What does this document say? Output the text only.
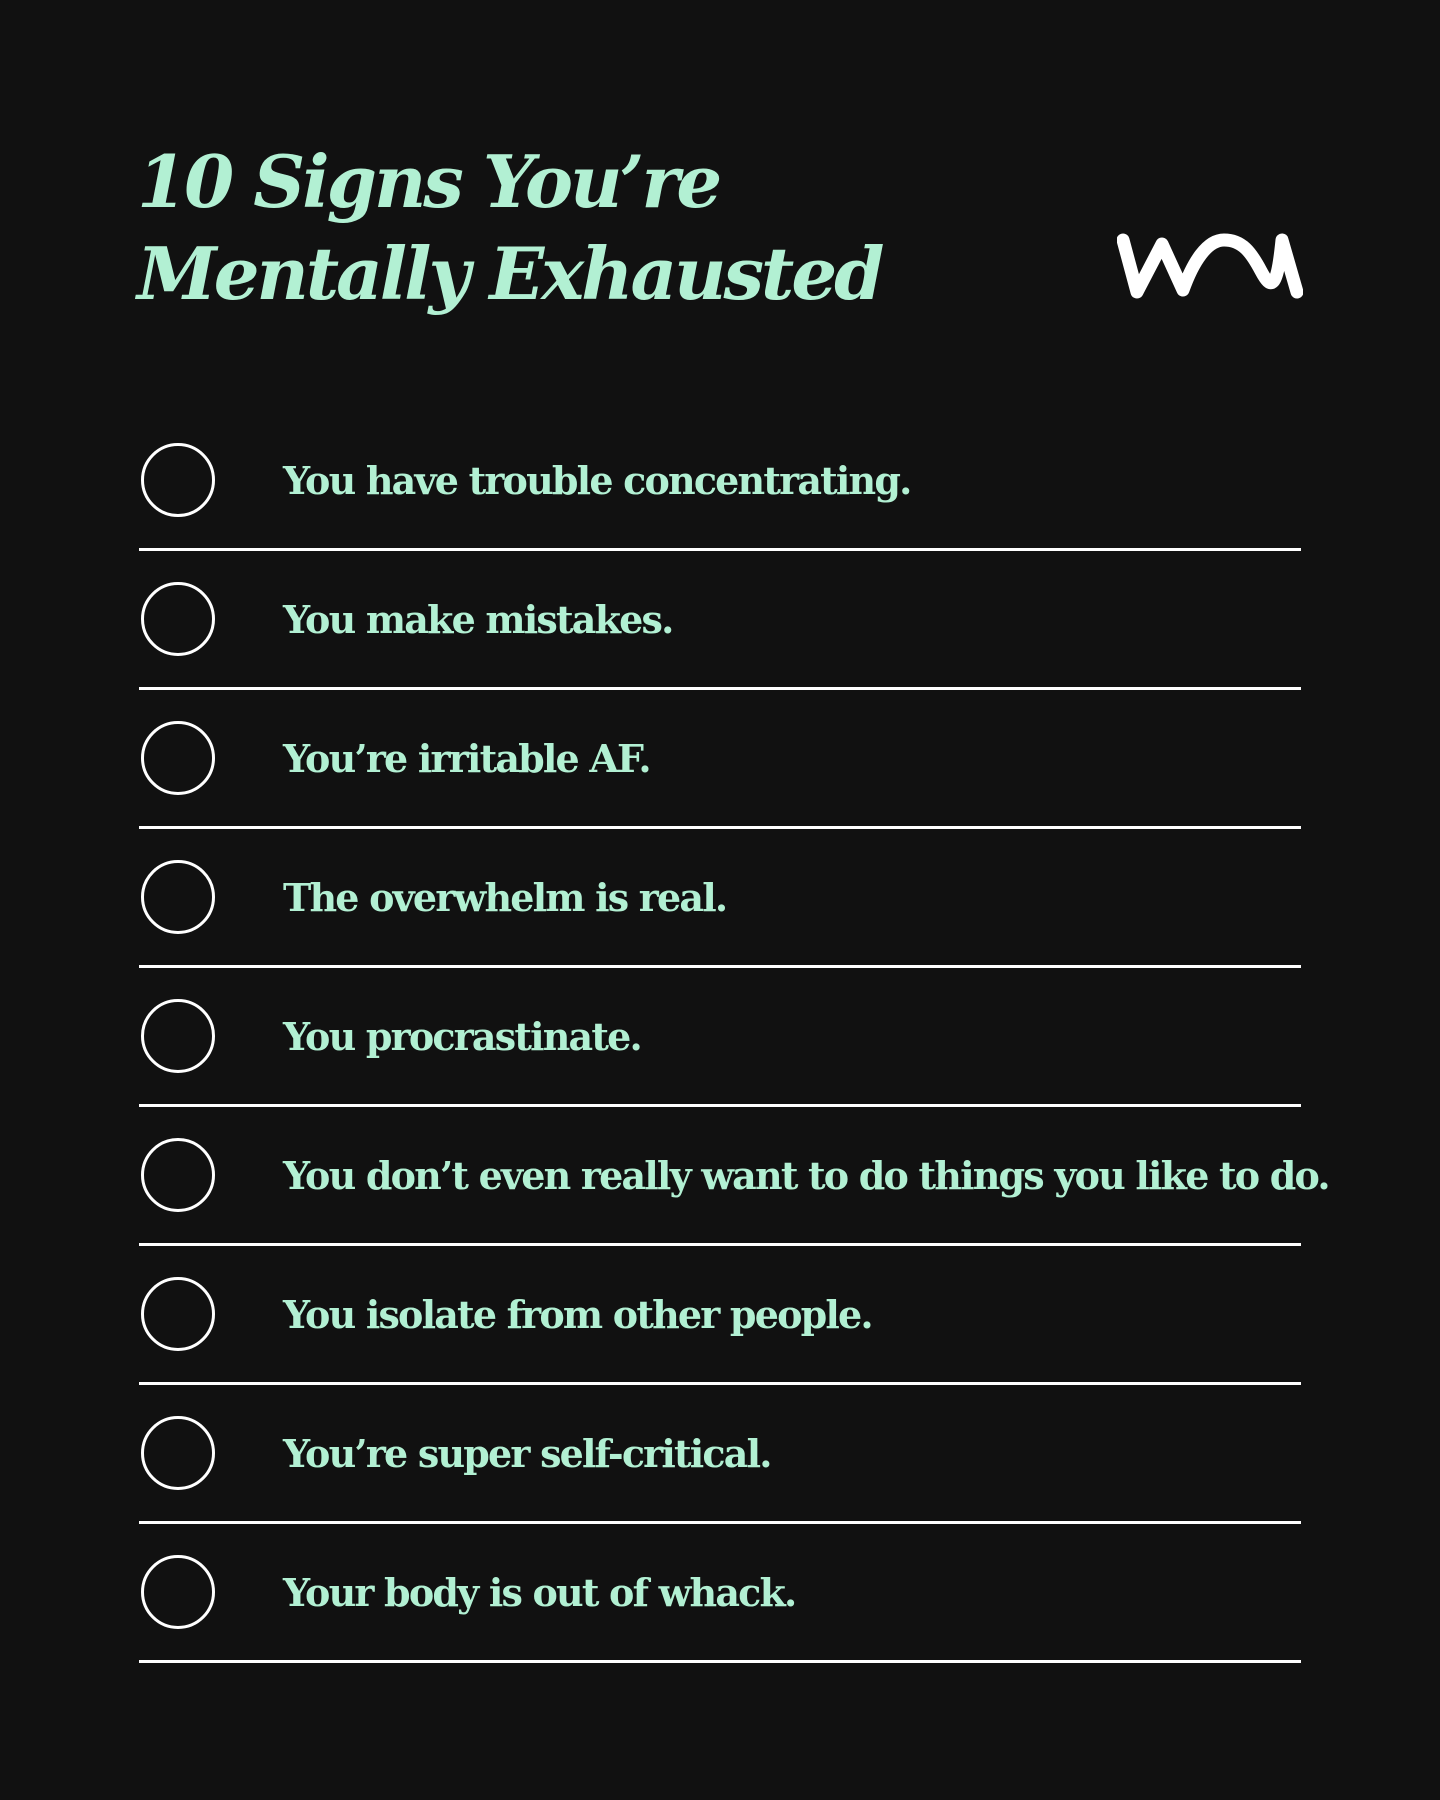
10 Signs You’re
Mentally Exhausted
You have trouble concentrating.
You make mistakes.
You’re irritable AF.
The overwhelm is real.
You procrastinate.
You don’t even really want to do things you like to do.
You isolate from other people.
You’re super self-critical.
Your body is out of whack.
